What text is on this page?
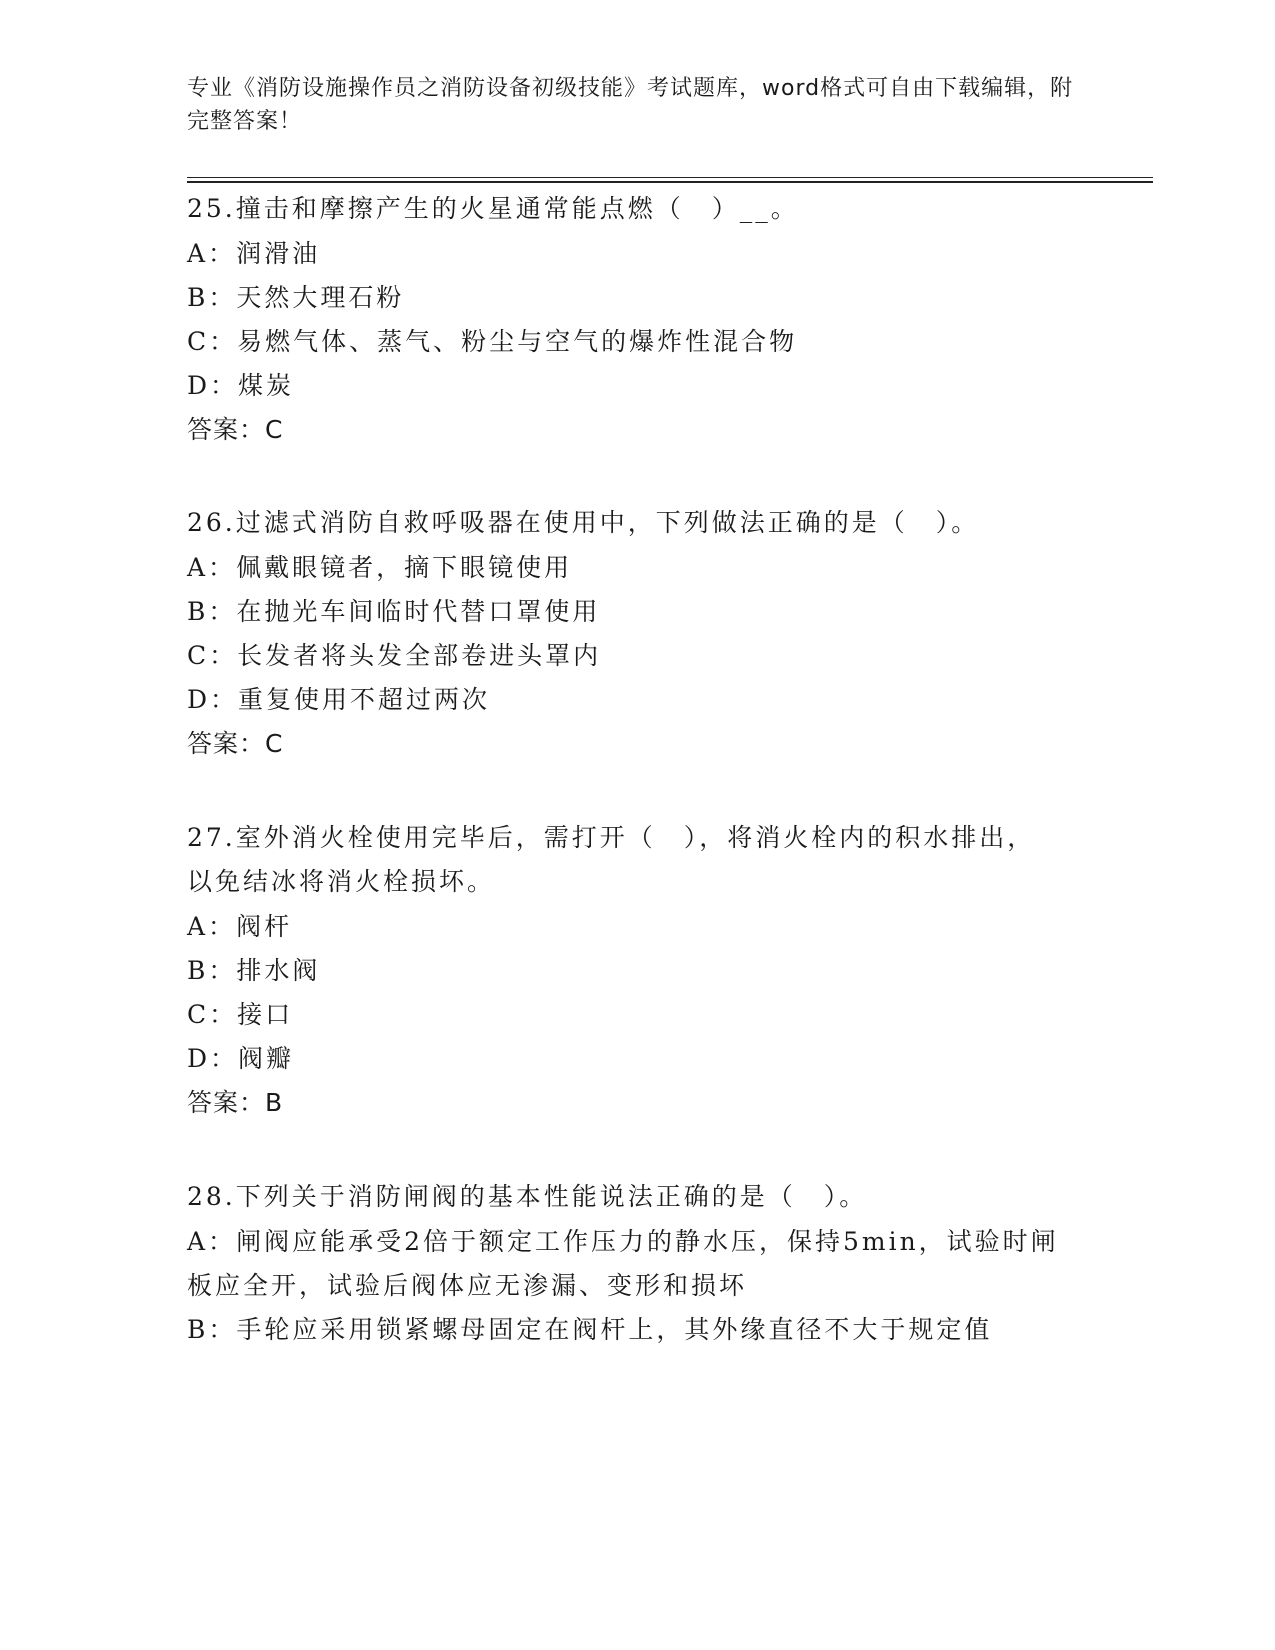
专业《消防设施操作员之消防设备初级技能》考试题库，word格式可自由下载编辑，附完整答案！
25.撞击和摩擦产生的火星通常能点燃（　）__。
A：润滑油
B：天然大理石粉
C：易燃气体、蒸气、粉尘与空气的爆炸性混合物
D：煤炭
答案：C
26.过滤式消防自救呼吸器在使用中，下列做法正确的是（　）。
A：佩戴眼镜者，摘下眼镜使用
B：在抛光车间临时代替口罩使用
C：长发者将头发全部卷进头罩内
D：重复使用不超过两次
答案：C
27.室外消火栓使用完毕后，需打开（　），将消火栓内的积水排出，
以免结冰将消火栓损坏。
A：阀杆
B：排水阀
C：接口
D：阀瓣
答案：B
28.下列关于消防闸阀的基本性能说法正确的是（　）。
A：闸阀应能承受2倍于额定工作压力的静水压，保持5min，试验时闸
板应全开，试验后阀体应无渗漏、变形和损坏
B：手轮应采用锁紧螺母固定在阀杆上，其外缘直径不大于规定值
